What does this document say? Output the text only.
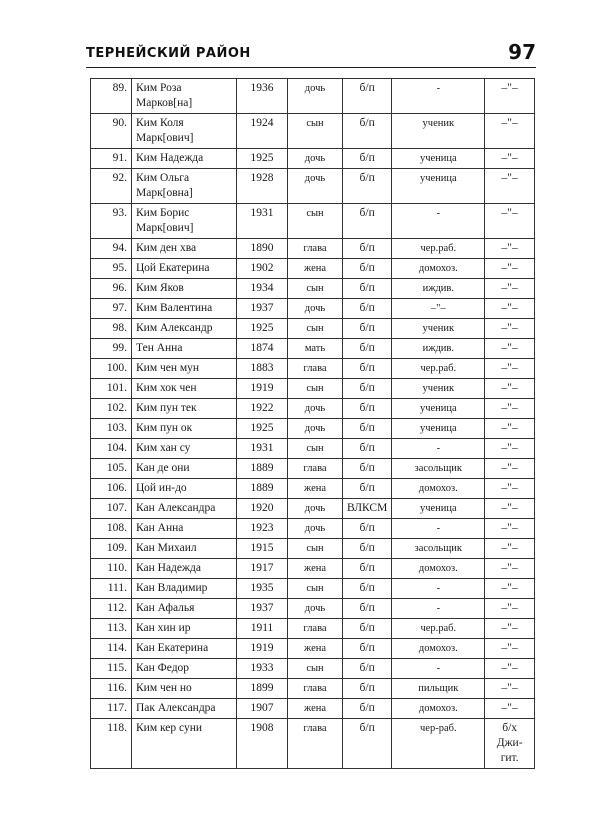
ТЕРНЕЙСКИЙ РАЙОН	97
89.	Ким Роза Марков[на]	1936	дочь	б/п	-	–"–
90.	Ким Коля Марк[ович]	1924	сын	б/п	ученик	–"–
91.	Ким Надежда	1925	дочь	б/п	ученица	–"–
92.	Ким Ольга Марк[овна]	1928	дочь	б/п	ученица	–"–
93.	Ким Борис Марк[ович]	1931	сын	б/п	-	–"–
94.	Ким ден хва	1890	глава	б/п	чер.раб.	–"–
95.	Цой Екатерина	1902	жена	б/п	домохоз.	–"–
96.	Ким Яков	1934	сын	б/п	иждив.	–"–
97.	Ким Валентина	1937	дочь	б/п	–"–	–"–
98.	Ким Александр	1925	сын	б/п	ученик	–"–
99.	Тен Анна	1874	мать	б/п	иждив.	–"–
100.	Ким чен мун	1883	глава	б/п	чер.раб.	–"–
101.	Ким хок чен	1919	сын	б/п	ученик	–"–
102.	Ким пун тек	1922	дочь	б/п	ученица	–"–
103.	Ким пун ок	1925	дочь	б/п	ученица	–"–
104.	Ким хан су	1931	сын	б/п	-	–"–
105.	Кан де они	1889	глава	б/п	засольщик	–"–
106.	Цой ин-до	1889	жена	б/п	домохоз.	–"–
107.	Кан Александра	1920	дочь	ВЛКСМ	ученица	–"–
108.	Кан Анна	1923	дочь	б/п	-	–"–
109.	Кан Михаил	1915	сын	б/п	засольщик	–"–
110.	Кан Надежда	1917	жена	б/п	домохоз.	–"–
111.	Кан Владимир	1935	сын	б/п	-	–"–
112.	Кан Афалья	1937	дочь	б/п	-	–"–
113.	Кан хин ир	1911	глава	б/п	чер.раб.	–"–
114.	Кан Екатерина	1919	жена	б/п	домохоз.	–"–
115.	Кан Федор	1933	сын	б/п	-	–"–
116.	Ким чен но	1899	глава	б/п	пильщик	–"–
117.	Пак Александра	1907	жена	б/п	домохоз.	–"–
118.	Ким кер суни	1908	глава	б/п	чер-раб.	б/х Джи-гит.
